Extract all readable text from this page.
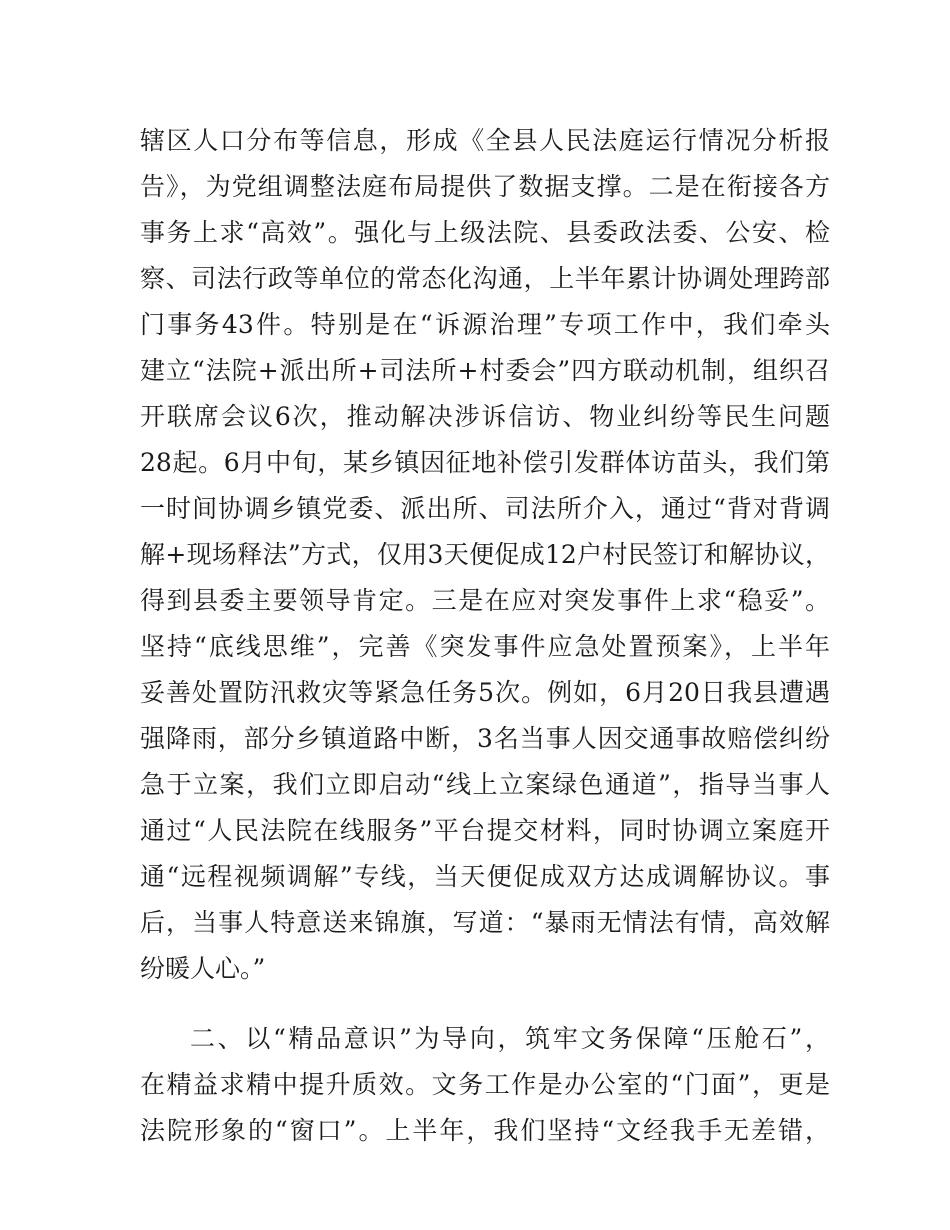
辖区人口分布等信息，形成《全县人民法庭运行情况分析报
告》，为党组调整法庭布局提供了数据支撑。二是在衔接各方
事务上求“高效”。强化与上级法院、县委政法委、公安、检
察、司法行政等单位的常态化沟通，上半年累计协调处理跨部
门事务43件。特别是在“诉源治理”专项工作中，我们牵头
建立“法院+派出所+司法所+村委会”四方联动机制，组织召
开联席会议6次，推动解决涉诉信访、物业纠纷等民生问题
28起。6月中旬，某乡镇因征地补偿引发群体访苗头，我们第
一时间协调乡镇党委、派出所、司法所介入，通过“背对背调
解+现场释法”方式，仅用3天便促成12户村民签订和解协议，
得到县委主要领导肯定。三是在应对突发事件上求“稳妥”。
坚持“底线思维”，完善《突发事件应急处置预案》，上半年
妥善处置防汛救灾等紧急任务5次。例如，6月20日我县遭遇
强降雨，部分乡镇道路中断，3名当事人因交通事故赔偿纠纷
急于立案，我们立即启动“线上立案绿色通道”，指导当事人
通过“人民法院在线服务”平台提交材料，同时协调立案庭开
通“远程视频调解”专线，当天便促成双方达成调解协议。事
后，当事人特意送来锦旗，写道：“暴雨无情法有情，高效解
纷暖人心。”
二、以“精品意识”为导向，筑牢文务保障“压舱石”，
在精益求精中提升质效。文务工作是办公室的“门面”，更是
法院形象的“窗口”。上半年，我们坚持“文经我手无差错，
